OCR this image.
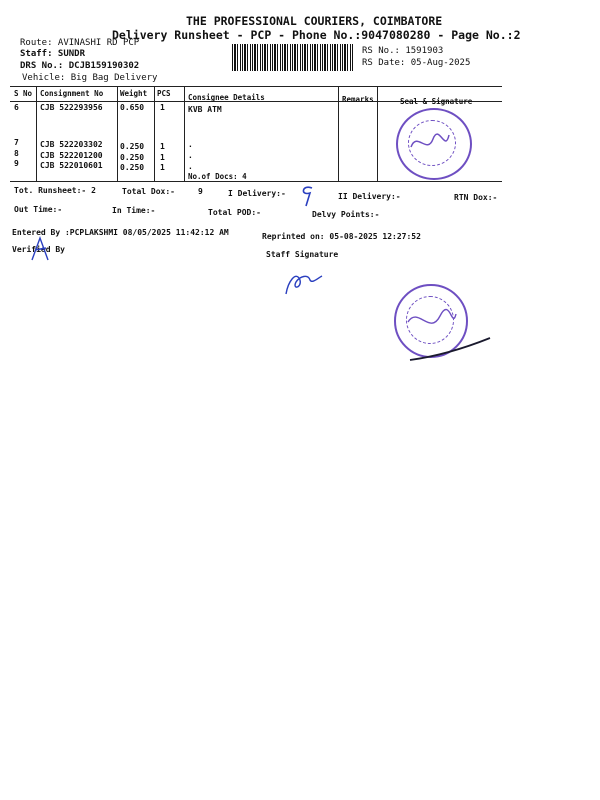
THE PROFESSIONAL COURIERS, COIMBATORE
Delivery Runsheet - PCP - Phone No.:9047080280 - Page No.:2
Route: AVINASHI RD PCP
Staff: SUNDR
DRS No.: DCJB159190302
Vehicle: Big Bag Delivery
RS No.: 1591903
RS Date: 05-Aug-2025
S No Consignment No Weight PCS Consignee Details	Remarks	Seal & Signature
6	CJB 522293956 0.650 1	KVB ATM
7	CJB 522203302 0.250 1	.
8	CJB 522201200 0.250 1	.
9	CJB 522010601 0.250 1	.
No.of Docs: 4
Tot. Runsheet:- 2	Total Dox:-	9	I Delivery:-	II Delivery:-	RTN Dox:-
Out Time:-	In Time:-	Total POD:-	Delvy Points:-
Entered By :PCPLAKSHMI 08/05/2025 11:42:12 AM	Reprinted on: 05-08-2025 12:27:52
Verified By
Staff Signature
